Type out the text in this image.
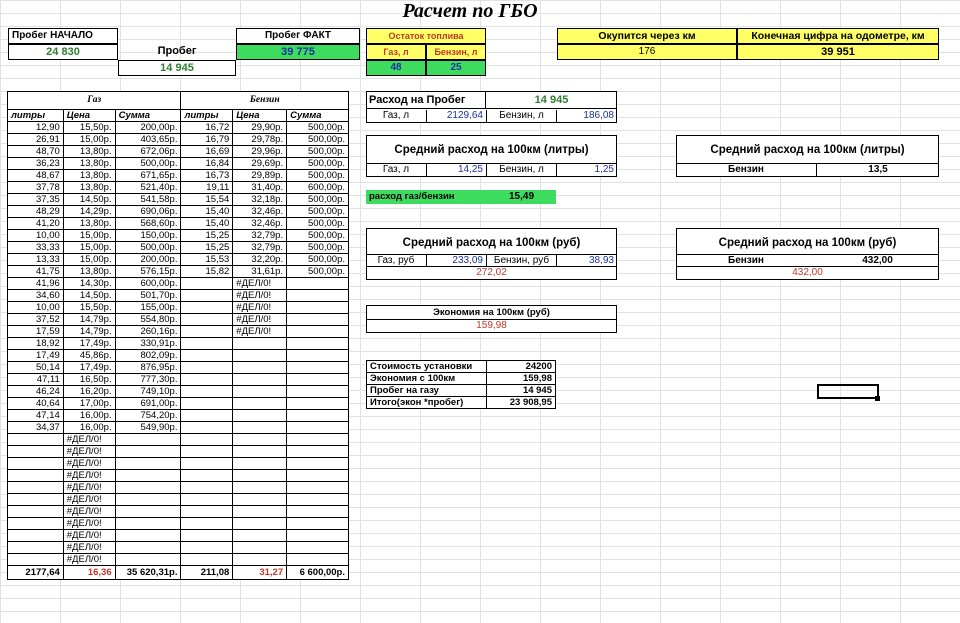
Расчет по ГБО
Пробег НАЧАЛО
24 830	Пробег
14 945
Пробег ФАКТ
39 775
Остаток топлива
Газ, л	Бензин, л
48	25
Окупится через км	Конечная цифра на одометре, км
176	39 951
Газ			Бензин		
литры	Цена	Сумма	литры	Цена	Сумма
12,90	15,50р.	200,00р.	16,72	29,90р.	500,00р.
26,91	15,00р.	403,65р.	16,79	29,78р.	500,00р.
48,70	13,80р.	672,06р.	16,69	29,96р.	500,00р.
36,23	13,80р.	500,00р.	16,84	29,69р.	500,00р.
48,67	13,80р.	671,65р.	16,73	29,89р.	500,00р.
37,78	13,80р.	521,40р.	19,11	31,40р.	600,00р.
37,35	14,50р.	541,58р.	15,54	32,18р.	500,00р.
48,29	14,29р.	690,06р.	15,40	32,46р.	500,00р.
41,20	13,80р.	568,60р.	15,40	32,46р.	500,00р.
10,00	15,00р.	150,00р.	15,25	32,79р.	500,00р.
33,33	15,00р.	500,00р.	15,25	32,79р.	500,00р.
13,33	15,00р.	200,00р.	15,53	32,20р.	500,00р.
41,75	13,80р.	576,15р.	15,82	31,61р.	500,00р.
41,96	14,30р.	600,00р.		#ДЕЛ/0!	
34,60	14,50р.	501,70р.		#ДЕЛ/0!	
10,00	15,50р.	155,00р.		#ДЕЛ/0!	
37,52	14,79р.	554,80р.		#ДЕЛ/0!	
17,59	14,79р.	260,16р.		#ДЕЛ/0!	
18,92	17,49р.	330,91р.			
17,49	45,86р.	802,09р.			
50,14	17,49р.	876,95р.			
47,11	16,50р.	777,30р.			
46,24	16,20р.	749,10р.			
40,64	17,00р.	691,00р.			
47,14	16,00р.	754,20р.			
34,37	16,00р.	549,90р.			
	#ДЕЛ/0!				
	#ДЕЛ/0!				
	#ДЕЛ/0!				
	#ДЕЛ/0!				
	#ДЕЛ/0!				
	#ДЕЛ/0!				
	#ДЕЛ/0!				
	#ДЕЛ/0!				
	#ДЕЛ/0!				
	#ДЕЛ/0!				
	#ДЕЛ/0!				
2177,64	16,36	35 620,31р.	211,08	31,27	6 600,00р.
Расход на Пробег	14 945
Газ, л	2129,64	Бензин, л	186,08
Средний расход на 100км (литры)
Газ, л	14,25	Бензин, л	1,25
Средний расход на 100км (литры)
Бензин	13,5
расход газ/бензин	15,49
Средний расход на 100км (руб)
Газ, руб	233,09	Бензин, руб	38,93
272,02
Средний расход на 100км (руб)
Бензин	432,00
432,00
Экономия на 100км (руб)
159,98
Стоимость установки	24200
Экономия с 100км	159,98
Пробег на газу	14 945
Итого(экон *пробег)	23 908,95
